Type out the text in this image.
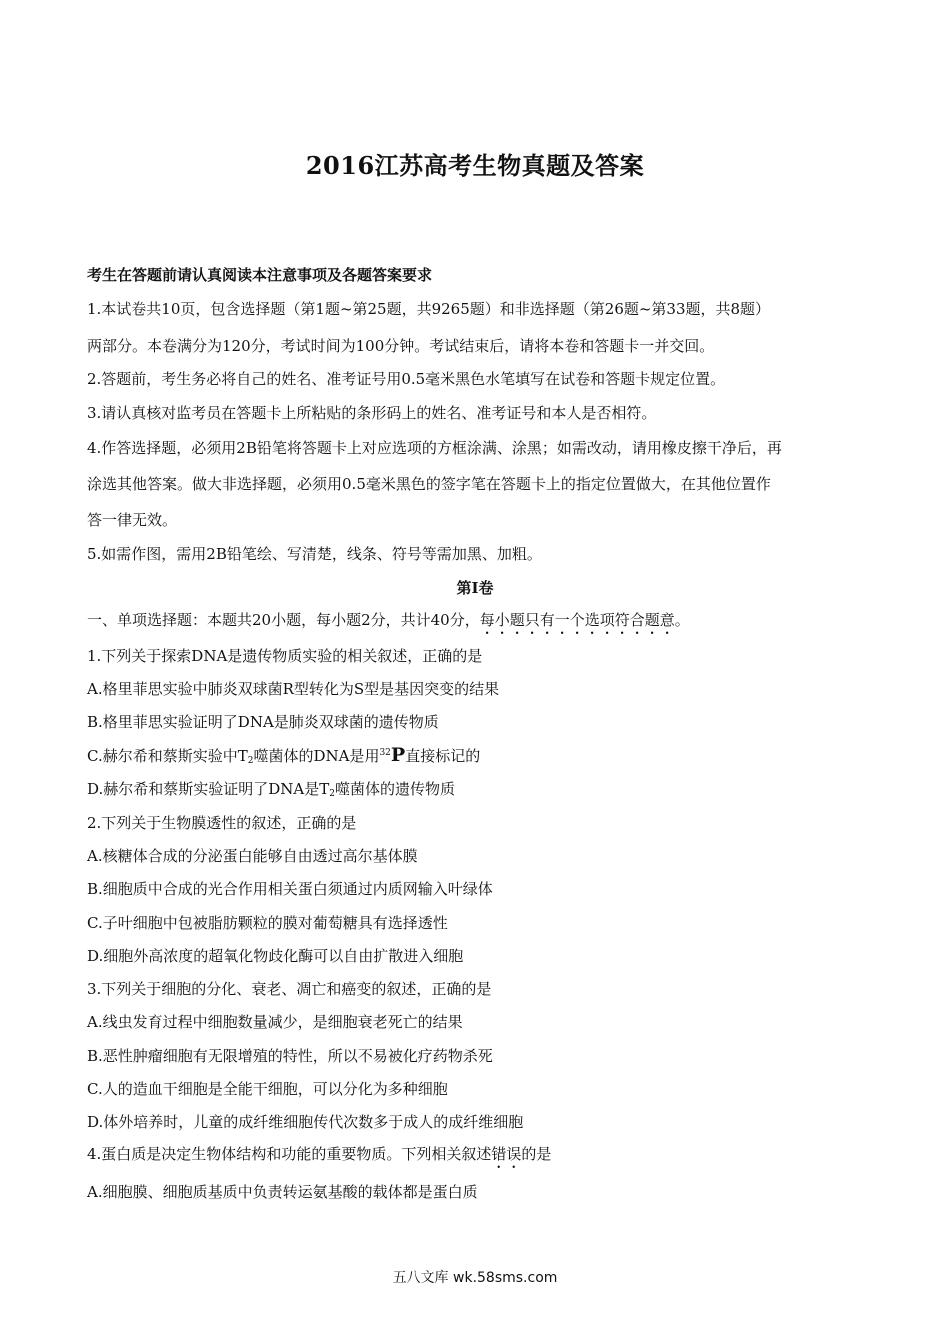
2016江苏高考生物真题及答案
考生在答题前请认真阅读本注意事项及各题答案要求
1.本试卷共10页，包含选择题（第1题~第25题，共9265题）和非选择题（第26题~第33题，共8题）
两部分。本卷满分为120分，考试时间为100分钟。考试结束后，请将本卷和答题卡一并交回。
2.答题前，考生务必将自己的姓名、准考证号用0.5毫米黑色水笔填写在试卷和答题卡规定位置。
3.请认真核对监考员在答题卡上所粘贴的条形码上的姓名、准考证号和本人是否相符。
4.作答选择题，必须用2B铅笔将答题卡上对应选项的方框涂满、涂黑；如需改动，请用橡皮擦干净后，再
涂选其他答案。做大非选择题，必须用0.5毫米黑色的签字笔在答题卡上的指定位置做大，在其他位置作
答一律无效。
5.如需作图，需用2B铅笔绘、写清楚，线条、符号等需加黑、加粗。
第Ⅰ卷
一、单项选择题：本题共20小题，每小题2分，共计40分，每小题只有一个选项符合题意。
1.下列关于探索DNA是遗传物质实验的相关叙述，正确的是
A.格里菲思实验中肺炎双球菌R型转化为S型是基因突变的结果
B.格里菲思实验证明了DNA是肺炎双球菌的遗传物质
C.赫尔希和蔡斯实验中$T_2$噬菌体的DNA是用$^{32}$P直接标记的
D.赫尔希和蔡斯实验证明了DNA是$T_2$噬菌体的遗传物质
2.下列关于生物膜透性的叙述，正确的是
A.核糖体合成的分泌蛋白能够自由透过高尔基体膜
B.细胞质中合成的光合作用相关蛋白须通过内质网输入叶绿体
C.子叶细胞中包被脂肪颗粒的膜对葡萄糖具有选择透性
D.细胞外高浓度的超氧化物歧化酶可以自由扩散进入细胞
3.下列关于细胞的分化、衰老、凋亡和癌变的叙述，正确的是
A.线虫发育过程中细胞数量减少，是细胞衰老死亡的结果
B.恶性肿瘤细胞有无限增殖的特性，所以不易被化疗药物杀死
C.人的造血干细胞是全能干细胞，可以分化为多种细胞
D.体外培养时，儿童的成纤维细胞传代次数多于成人的成纤维细胞
4.蛋白质是决定生物体结构和功能的重要物质。下列相关叙述错误的是
A.细胞膜、细胞质基质中负责转运氨基酸的载体都是蛋白质
五八文库 wk.58sms.com
